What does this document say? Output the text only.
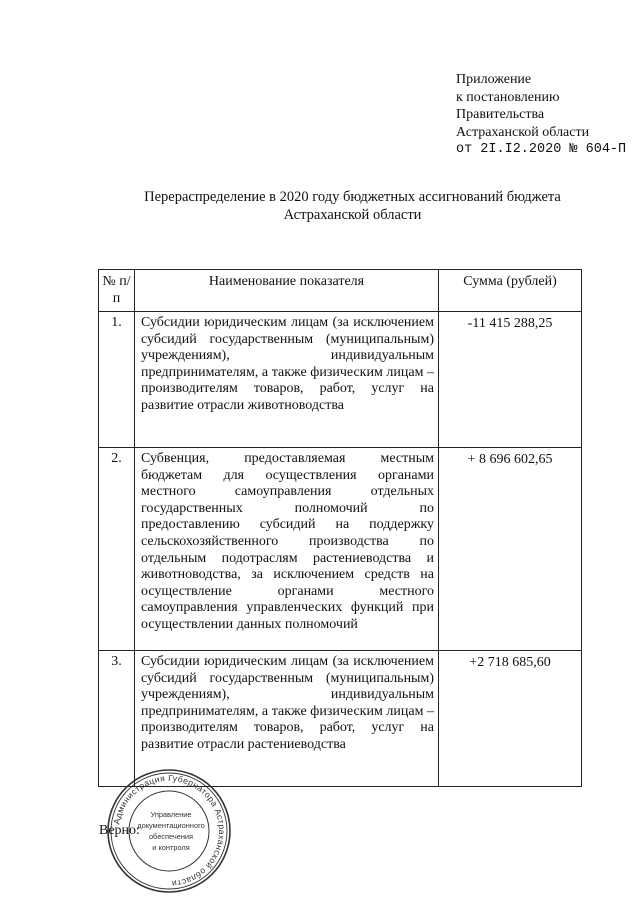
Приложение
к постановлению
Правительства
Астраханской области
от 2I.I2.2020 № 604-П
Перераспределение в 2020 году бюджетных ассигнований бюджета
Астраханской области
№ п/п	Наименование показателя	Сумма (рублей)
1.	Субсидии юридическим лицам (за исключением субсидий государственным (муниципальным) учреждениям), индивидуальным предпринимателям, а также физическим лицам – производителям товаров, работ, услуг на развитие отрасли животноводства	-11 415 288,25
2.	Субвенция, предоставляемая местным бюджетам для осуществления органами местного самоуправления отдельных государственных полномочий по предоставлению субсидий на поддержку сельскохозяйственного производства по отдельным подотраслям растениеводства и животноводства, за исключением средств на осуществление органами местного самоуправления управленческих функций при осуществлении данных полномочий	+ 8 696 602,65
3.	Субсидии юридическим лицам (за исключением субсидий государственным (муниципальным) учреждениям), индивидуальным предпринимателям, а также физическим лицам – производителям товаров, работ, услуг на развитие отрасли растениеводства	+2 718 685,60
Администрация Губернатора Астраханской области
Управление
документационного
обеспечения
и контроля
Верно:
